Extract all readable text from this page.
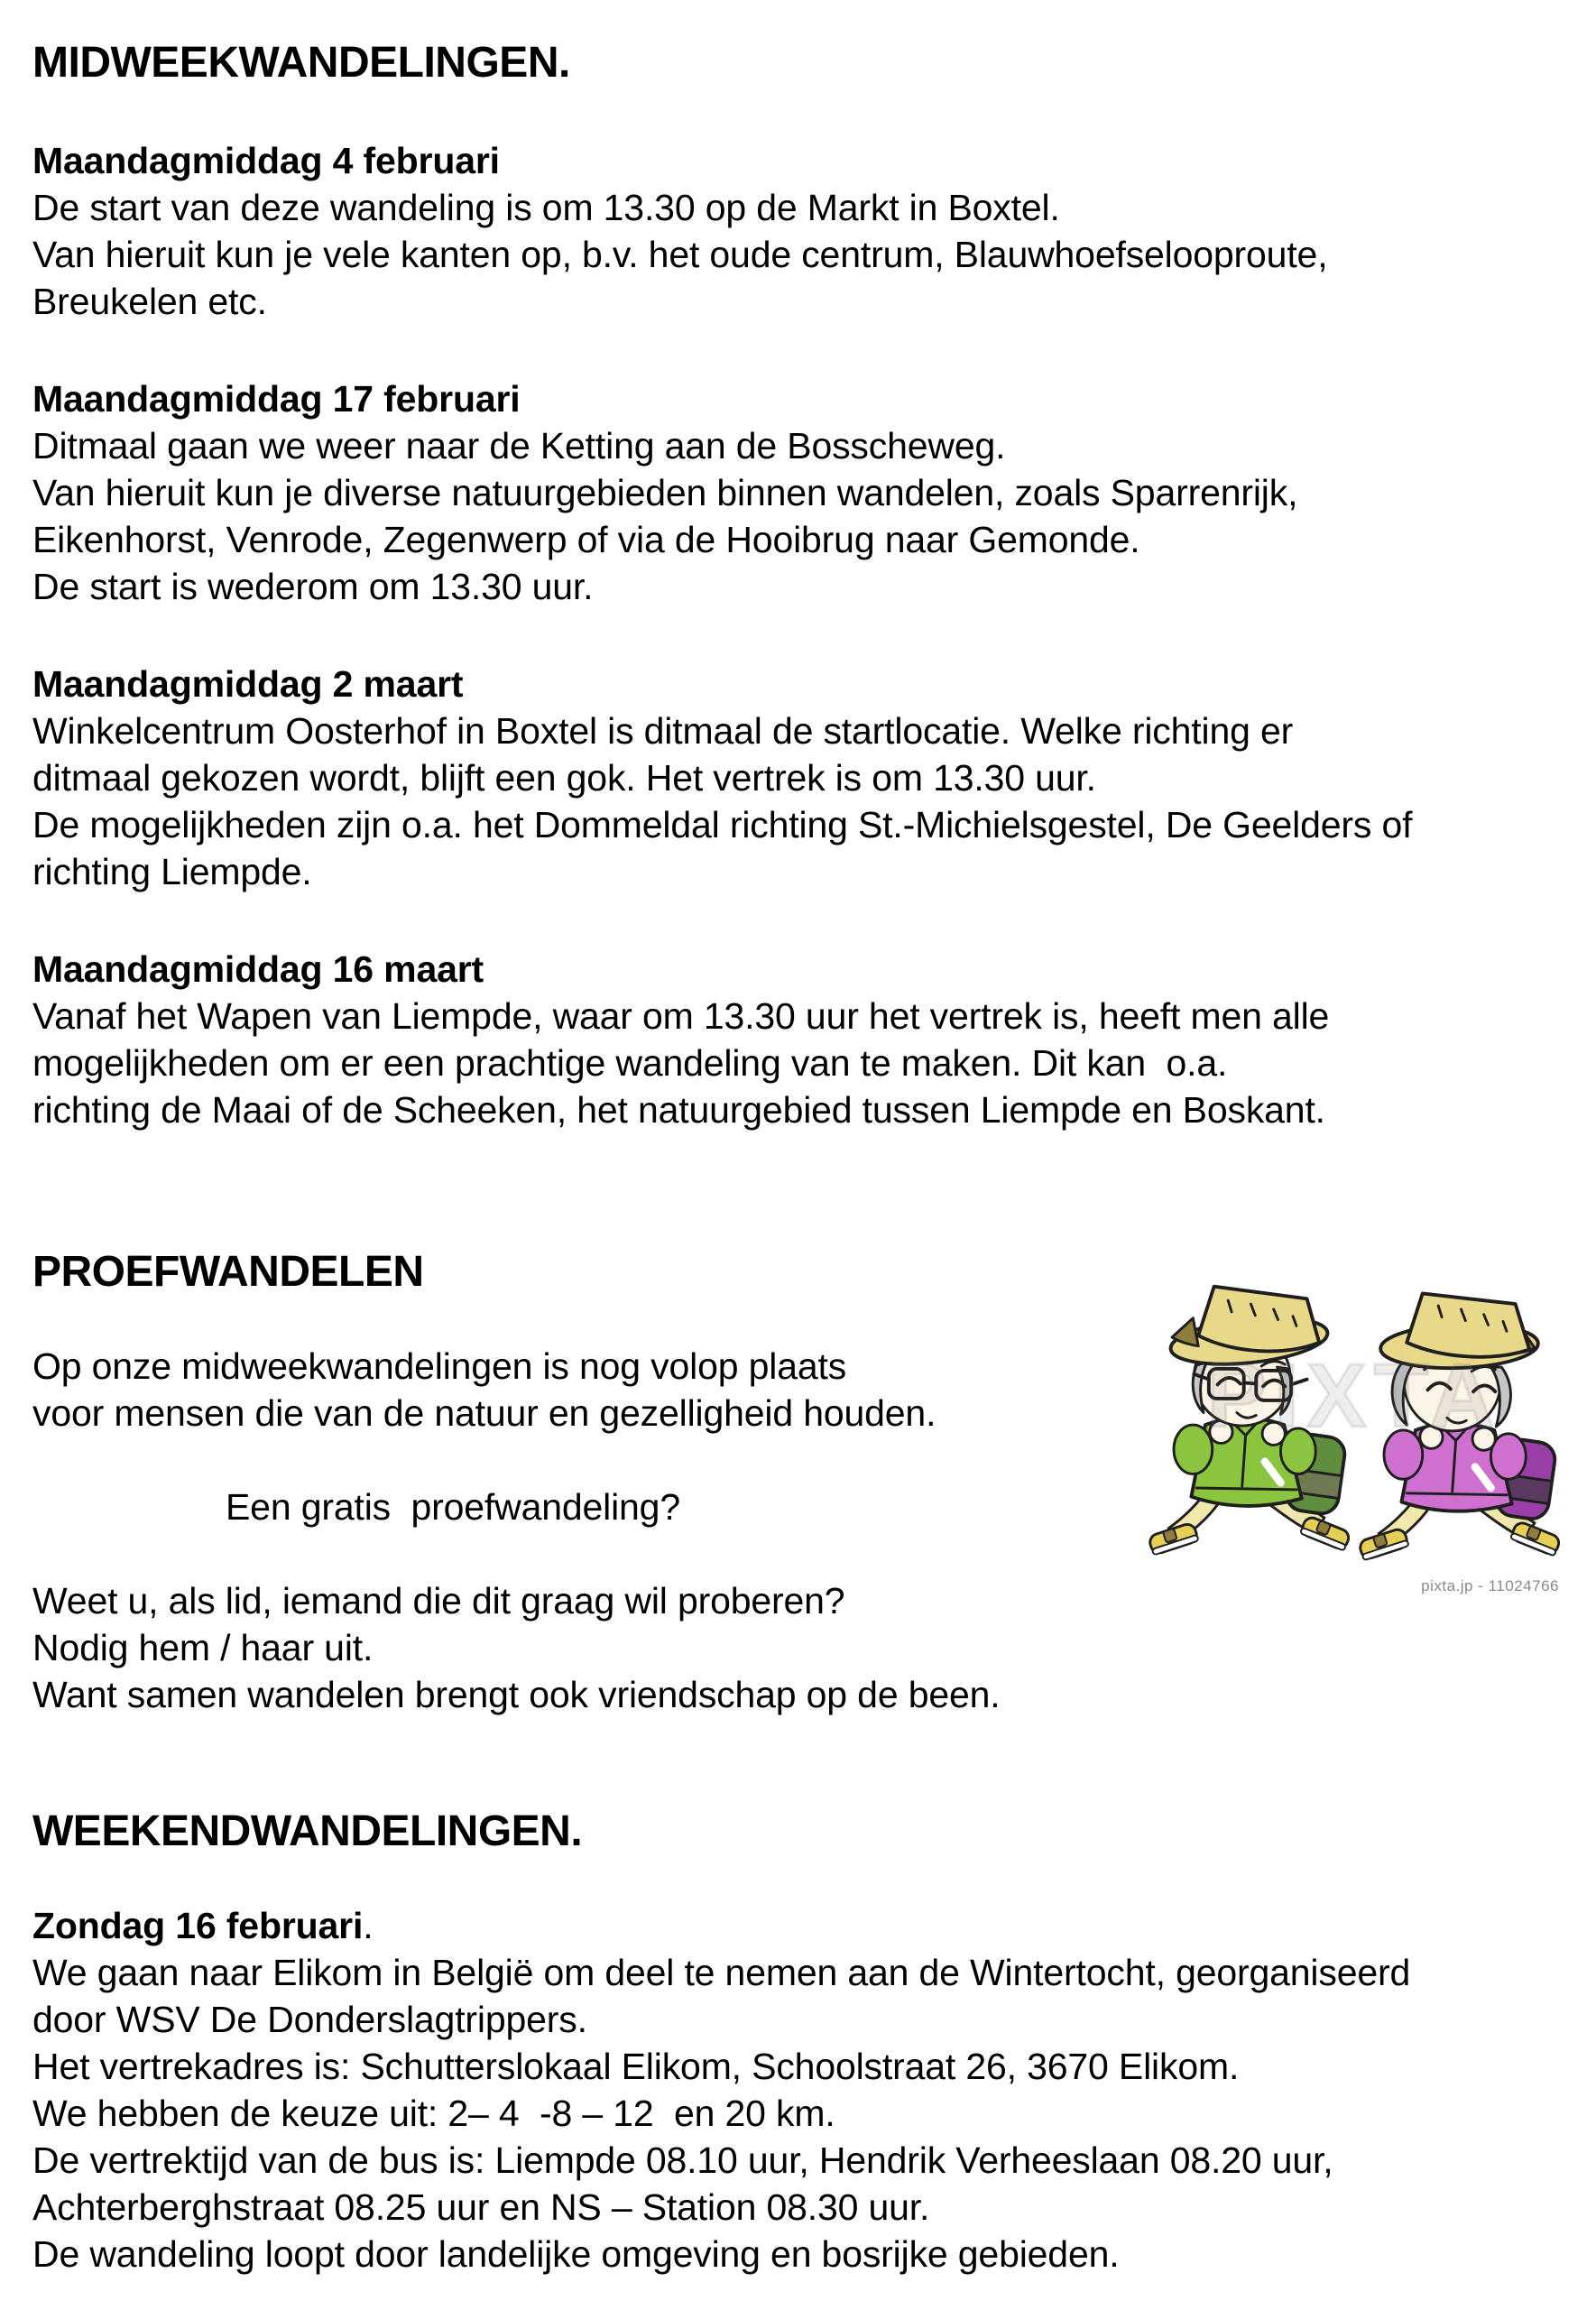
MIDWEEKWANDELINGEN.
Maandagmiddag 4 februari
De start van deze wandeling is om 13.30 op de Markt in Boxtel.
Van hieruit kun je vele kanten op, b.v. het oude centrum, Blauwhoefselooproute,
Breukelen etc.
Maandagmiddag 17 februari
Ditmaal gaan we weer naar de Ketting aan de Bosscheweg.
Van hieruit kun je diverse natuurgebieden binnen wandelen, zoals Sparrenrijk,
Eikenhorst, Venrode, Zegenwerp of via de Hooibrug naar Gemonde.
De start is wederom om 13.30 uur.
Maandagmiddag 2 maart
Winkelcentrum Oosterhof in Boxtel is ditmaal de startlocatie. Welke richting er
ditmaal gekozen wordt, blijft een gok. Het vertrek is om 13.30 uur.
De mogelijkheden zijn o.a. het Dommeldal richting St.-Michielsgestel, De Geelders of
richting Liempde.
Maandagmiddag 16 maart
Vanaf het Wapen van Liempde, waar om 13.30 uur het vertrek is, heeft men alle
mogelijkheden om er een prachtige wandeling van te maken. Dit kan  o.a.
richting de Maai of de Scheeken, het natuurgebied tussen Liempde en Boskant.
PROEFWANDELEN
Op onze midweekwandelingen is nog volop plaats
voor mensen die van de natuur en gezelligheid houden.
Een gratis  proefwandeling?
Weet u, als lid, iemand die dit graag wil proberen?
Nodig hem / haar uit.
Want samen wandelen brengt ook vriendschap op de been.
WEEKENDWANDELINGEN.
Zondag 16 februari.
We gaan naar Elikom in België om deel te nemen aan de Wintertocht, georganiseerd
door WSV De Donderslagtrippers.
Het vertrekadres is: Schutterslokaal Elikom, Schoolstraat 26, 3670 Elikom.
We hebben de keuze uit: 2– 4  -8 – 12  en 20 km.
De vertrektijd van de bus is: Liempde 08.10 uur, Hendrik Verheeslaan 08.20 uur,
Achterberghstraat 08.25 uur en NS – Station 08.30 uur.
De wandeling loopt door landelijke omgeving en bosrijke gebieden.
PIXTA
pixta.jp - 11024766
